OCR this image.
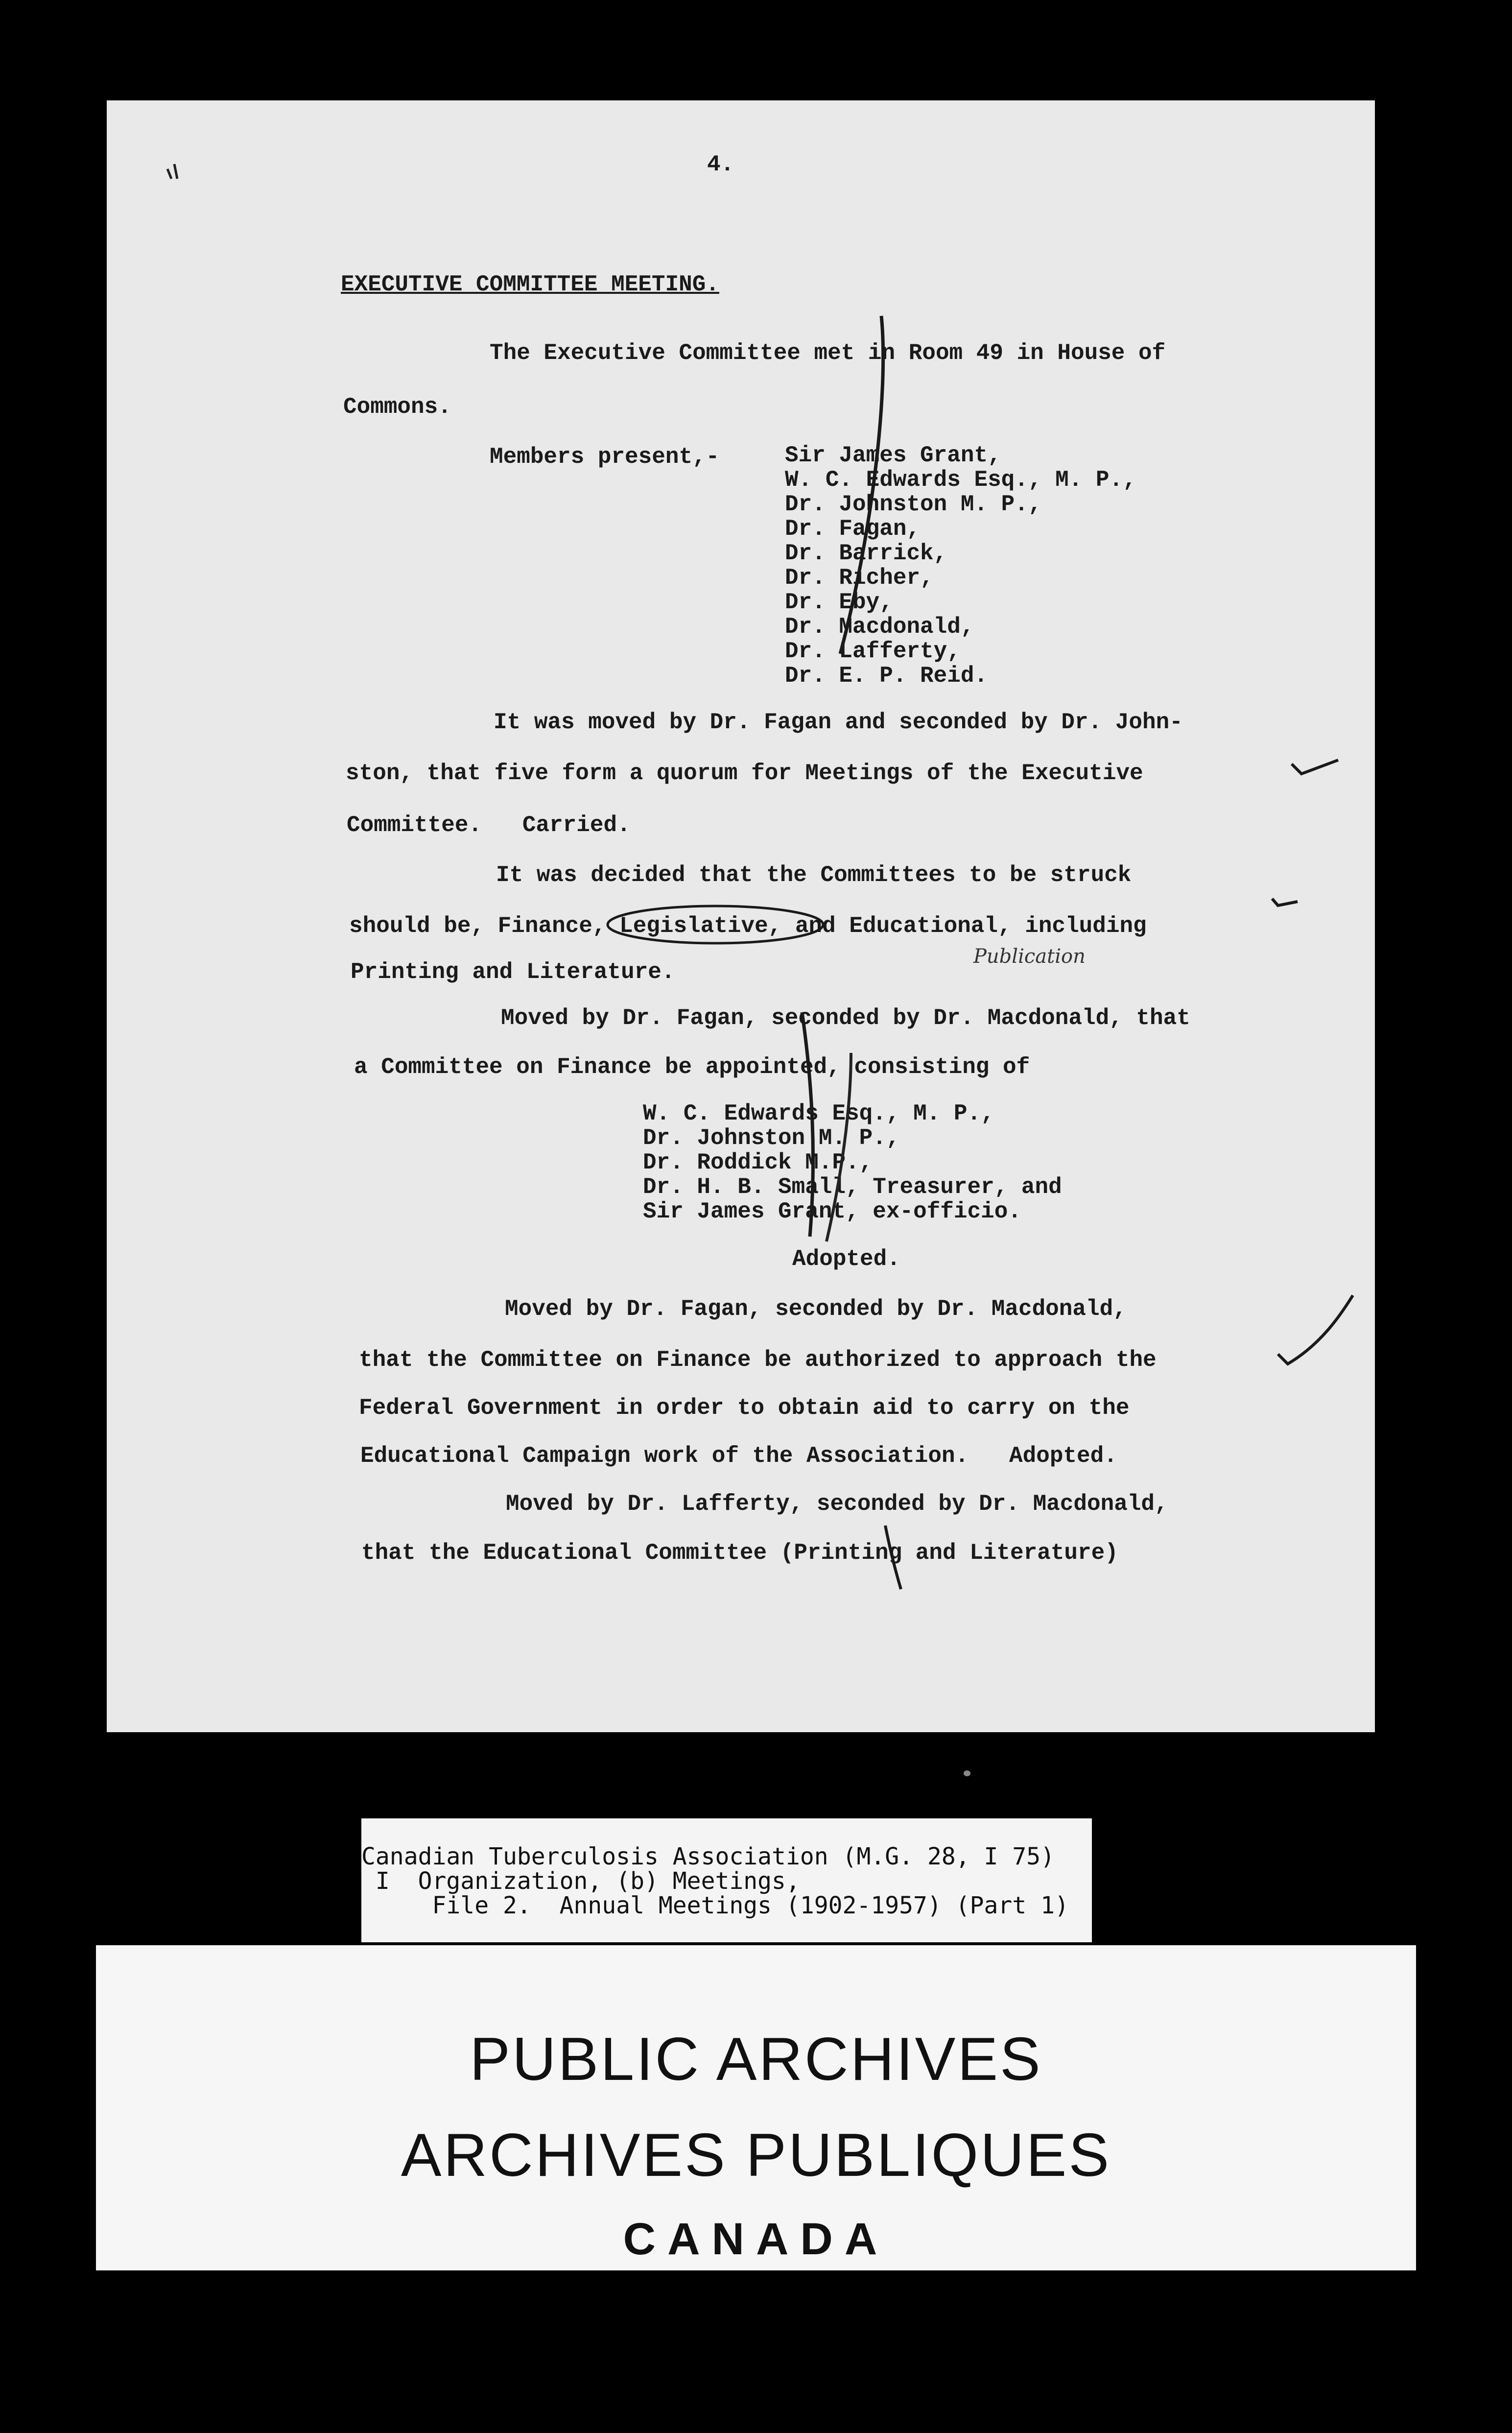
4.
EXECUTIVE COMMITTEE MEETING.
The Executive Committee met in Room 49 in House of
Commons.
Members present,-	Sir James Grant,
W. C. Edwards Esq., M. P.,
Dr. Johnston M. P.,
Dr. Fagan,
Dr. Barrick,
Dr. Richer,
Dr. Eby,
Dr. Macdonald,
Dr. Lafferty,
Dr. E. P. Reid.
It was moved by Dr. Fagan and seconded by Dr. John-
ston, that five form a quorum for Meetings of the Executive
Committee.   Carried.
It was decided that the Committees to be struck
should be, Finance, Legislative, and Educational, including
Printing and Literature.
Publication
Moved by Dr. Fagan, seconded by Dr. Macdonald, that
a Committee on Finance be appointed, consisting of
W. C. Edwards Esq., M. P.,
Dr. Johnston M. P.,
Dr. Roddick M.P.,
Dr. H. B. Small, Treasurer, and
Sir James Grant, ex-officio.
Adopted.
Moved by Dr. Fagan, seconded by Dr. Macdonald,
that the Committee on Finance be authorized to approach the
Federal Government in order to obtain aid to carry on the
Educational Campaign work of the Association.   Adopted.
Moved by Dr. Lafferty, seconded by Dr. Macdonald,
that the Educational Committee (Printing and Literature)

Canadian Tuberculosis Association (M.G. 28, I 75)

I  Organization, (b) Meetings,

File 2.  Annual Meetings (1902-1957) (Part 1)

PUBLIC ARCHIVES
ARCHIVES PUBLIQUES
CANADA
